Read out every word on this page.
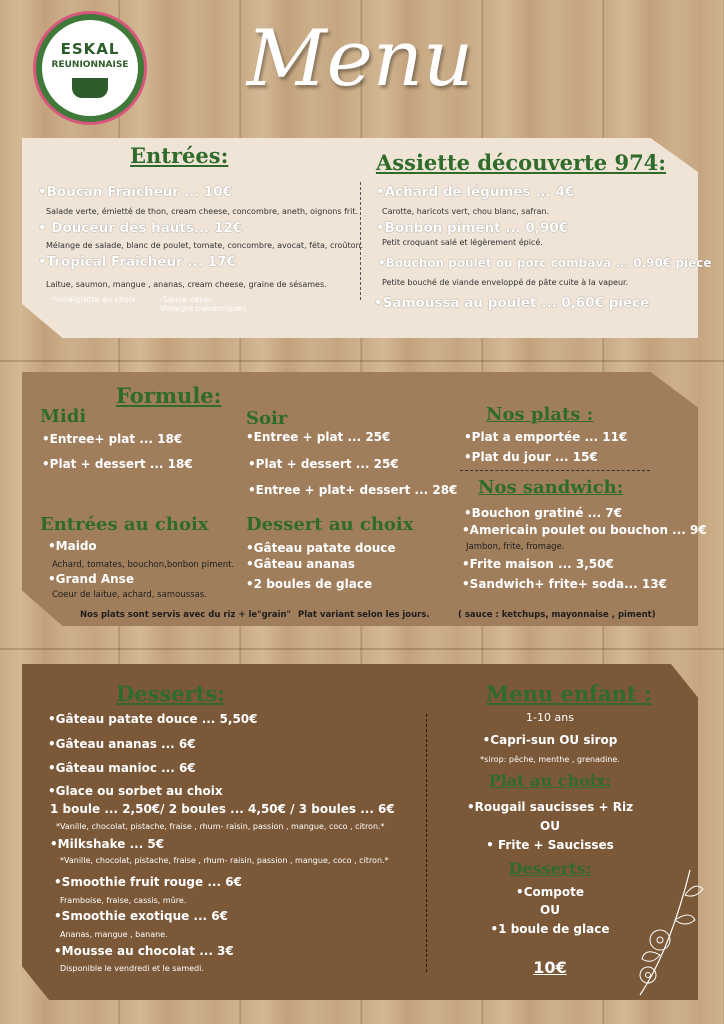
ESKAL
REUNIONNAISE Menu
Entrées:
•Boucan Fraicheur ... 10€
Salade verte, émietté de thon, cream cheese, concombre, aneth, oignons frit.
• Douceur des hauts... 12€
Mélange de salade, blanc de poulet, tomate, concombre, avocat, féta, croûton.
•Tropical Fraicheur ... 17€
Laitue, saumon, mangue , ananas, cream cheese, graine de sésames.
*vinaigrette au choix	-Sauce césar
-Vinaigre balsamiques
Assiette découverte 974:
•Achard de légumes ... 4€
Carotte, haricots vert, chou blanc, safran.
•Bonbon piment ... 0,90€
Petit croquant salé et légèrement épicé.
•Bouchon poulet ou porc combava ... 0.90€ piece
Petite bouché de viande enveloppé de pâte cuite à la vapeur.
•Samoussa au poulet ... 0,60€ piece
Formule:
Midi
•Entree+ plat ... 18€
•Plat + dessert ... 18€
Soir
•Entree + plat ... 25€
•Plat + dessert ... 25€
•Entree + plat+ dessert ... 28€
Entrées au choix
•Maido
Achard, tomates, bouchon,bonbon piment.
•Grand Anse
Coeur de laitue, achard, samoussas.
Dessert au choix
•Gâteau patate douce
•Gâteau ananas
•2 boules de glace
Nos plats :
•Plat a emportée ... 11€
•Plat du jour ... 15€
Nos sandwich:
•Bouchon gratiné ... 7€
•Americain poulet ou bouchon ... 9€
Jambon, frite, fromage.
•Frite maison ... 3,50€
•Sandwich+ frite+ soda... 13€
Nos plats sont servis avec du riz + le"grain" Plat variant selon les jours.	( sauce : ketchups, mayonnaise , piment)
Desserts:
•Gâteau patate douce ... 5,50€
•Gâteau ananas ... 6€
•Gâteau manioc ... 6€
•Glace ou sorbet au choix
1 boule ... 2,50€/ 2 boules ... 4,50€ / 3 boules ... 6€
*Vanille, chocolat, pistache, fraise , rhum- raisin, passion , mangue, coco , citron.*
•Milkshake ... 5€
*Vanille, chocolat, pistache, fraise , rhum- raisin, passion , mangue, coco , citron.*
•Smoothie fruit rouge ... 6€
Framboise, fraise, cassis, mûre.
•Smoothie exotique ... 6€
Ananas, mangue , banane.
•Mousse au chocolat ... 3€
Disponible le vendredi et le samedi.
Menu enfant :
1-10 ans
•Capri-sun OU sirop
*sirop: pêche, menthe , grenadine.
Plat au choix:
•Rougail saucisses + Riz
OU
• Frite + Saucisses
Desserts:
•Compote
OU
•1 boule de glace
10€
